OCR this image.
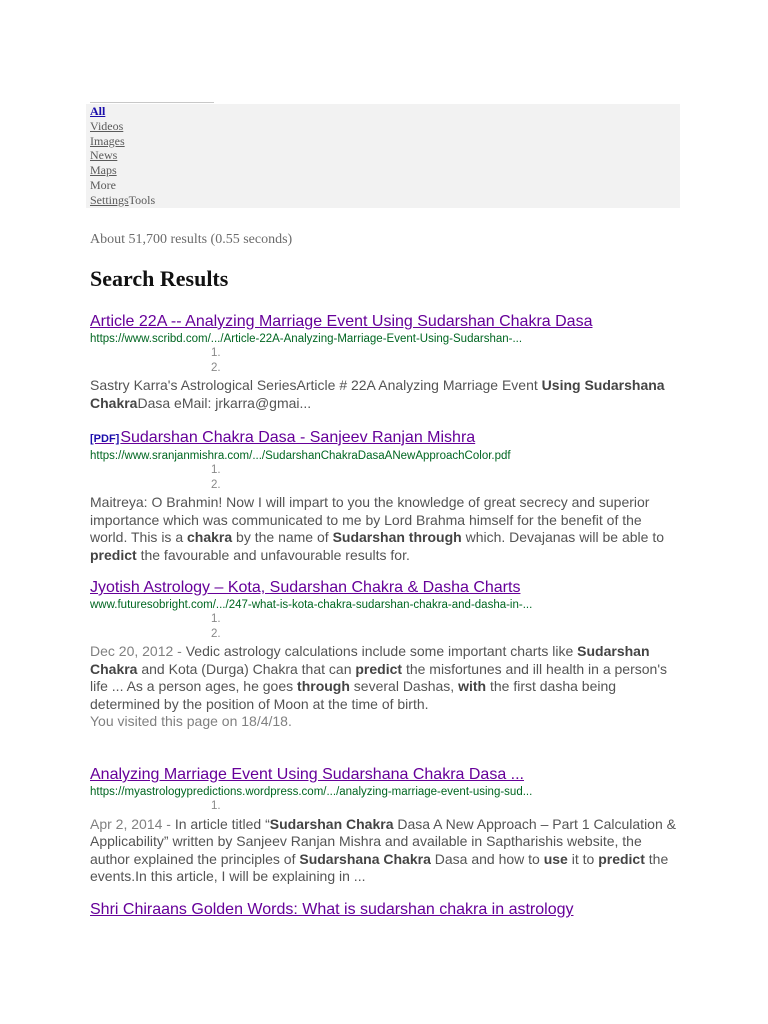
All
Videos
Images
News
Maps
More
SettingsTools
About 51,700 results (0.55 seconds)
Search Results
Article 22A -- Analyzing Marriage Event Using Sudarshan Chakra Dasa
https://www.scribd.com/.../Article-22A-Analyzing-Marriage-Event-Using-Sudarshan-...
1.
2.

Sastry Karra's Astrological SeriesArticle # 22A Analyzing Marriage Event Using Sudarshana ChakraDasa eMail: jrkarra@gmai...

[PDF]Sudarshan Chakra Dasa - Sanjeev Ranjan Mishra
https://www.sranjanmishra.com/.../SudarshanChakraDasaANewApproachColor.pdf
1.
2.

Maitreya: O Brahmin! Now I will impart to you the knowledge of great secrecy and superior importance which was communicated to me by Lord Brahma himself for the benefit of the world. This is a chakra by the name of Sudarshan through which. Devajanas will be able to predict the favourable and unfavourable results for.

Jyotish Astrology – Kota, Sudarshan Chakra & Dasha Charts
www.futuresobright.com/.../247-what-is-kota-chakra-sudarshan-chakra-and-dasha-in-...
1.
2.

Dec 20, 2012 - Vedic astrology calculations include some important charts like Sudarshan Chakra and Kota (Durga) Chakra that can predict the misfortunes and ill health in a person's life ... As a person ages, he goes through several Dashas, with the first dasha being determined by the position of Moon at the time of birth.

You visited this page on 18/4/18.
Analyzing Marriage Event Using Sudarshana Chakra Dasa ...
https://myastrologypredictions.wordpress.com/.../analyzing-marriage-event-using-sud...
1.

Apr 2, 2014 - In article titled “Sudarshan Chakra Dasa A New Approach – Part 1 Calculation & Applicability” written by Sanjeev Ranjan Mishra and available in Saptharishis website, the author explained the principles of Sudarshana Chakra Dasa and how to use it to predict the events.In this article, I will be explaining in ...

Shri Chiraans Golden Words: What is sudarshan chakra in astrology
